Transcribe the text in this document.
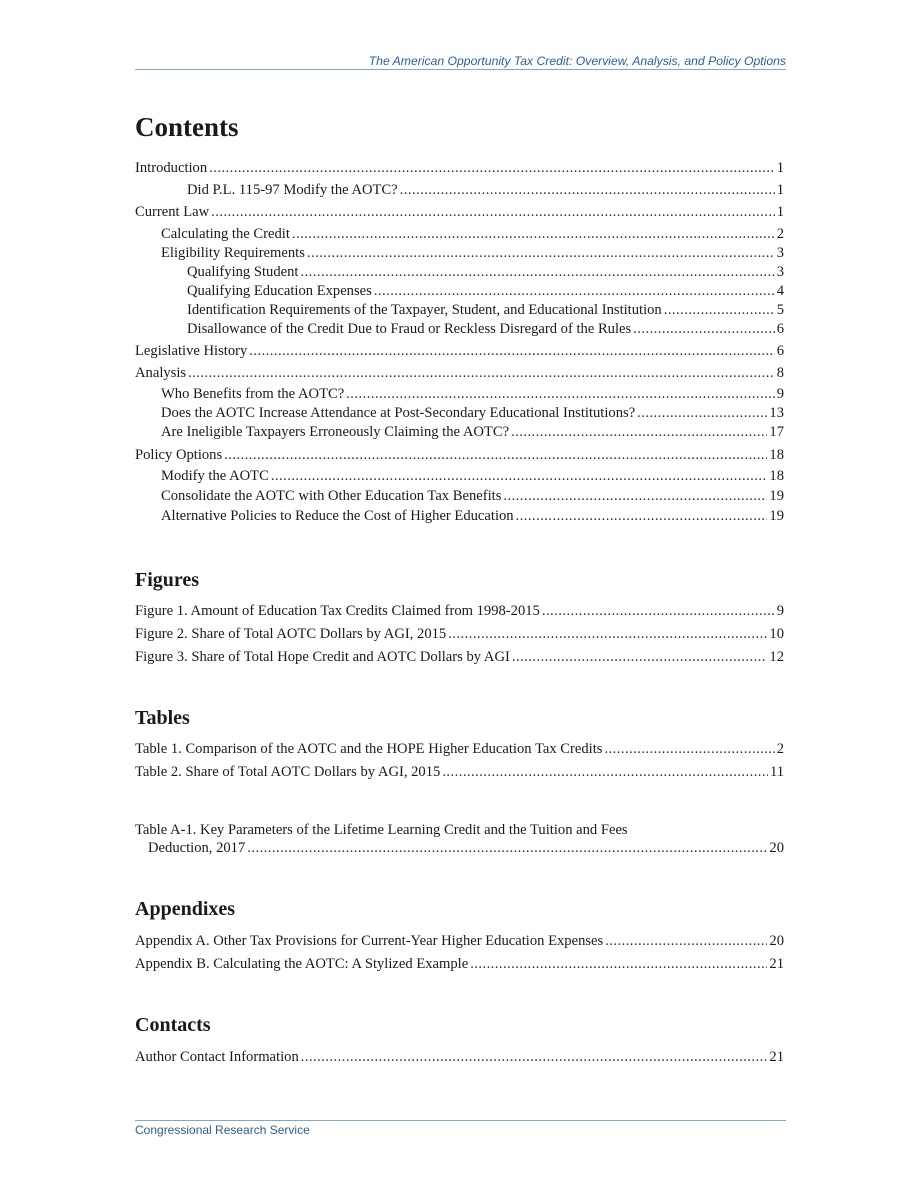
The American Opportunity Tax Credit: Overview, Analysis, and Policy Options
Contents
Introduction . . .	1
Did P.L. 115-97 Modify the AOTC? . . .	1
Current Law . . .	1
Calculating the Credit . . .	2
Eligibility Requirements . . .	3
Qualifying Student . . .	3
Qualifying Education Expenses . . .	4
Identification Requirements of the Taxpayer, Student, and Educational Institution . . .	5
Disallowance of the Credit Due to Fraud or Reckless Disregard of the Rules . . .	6
Legislative History . . .	6
Analysis . . .	8
Who Benefits from the AOTC? . . .	9
Does the AOTC Increase Attendance at Post-Secondary Educational Institutions? . . .	13
Are Ineligible Taxpayers Erroneously Claiming the AOTC? . . .	17
Policy Options . . .	18
Modify the AOTC . . .	18
Consolidate the AOTC with Other Education Tax Benefits . . .	19
Alternative Policies to Reduce the Cost of Higher Education . . .	19
Figures
Figure 1. Amount of Education Tax Credits Claimed from 1998-2015 . . .	9
Figure 2. Share of Total AOTC Dollars by AGI, 2015 . . .	10
Figure 3. Share of Total Hope Credit and AOTC Dollars by AGI . . .	12
Tables
Table 1. Comparison of the AOTC and the HOPE Higher Education Tax Credits . . .	2
Table 2. Share of Total AOTC Dollars by AGI, 2015 . . .	11
Table A-1. Key Parameters of the Lifetime Learning Credit and the Tuition and Fees
Deduction, 2017 . . .	20
Appendixes
Appendix A. Other Tax Provisions for Current-Year Higher Education Expenses . . .	20
Appendix B. Calculating the AOTC: A Stylized Example . . .	21
Contacts
Author Contact Information . . .	21
Congressional Research Service
